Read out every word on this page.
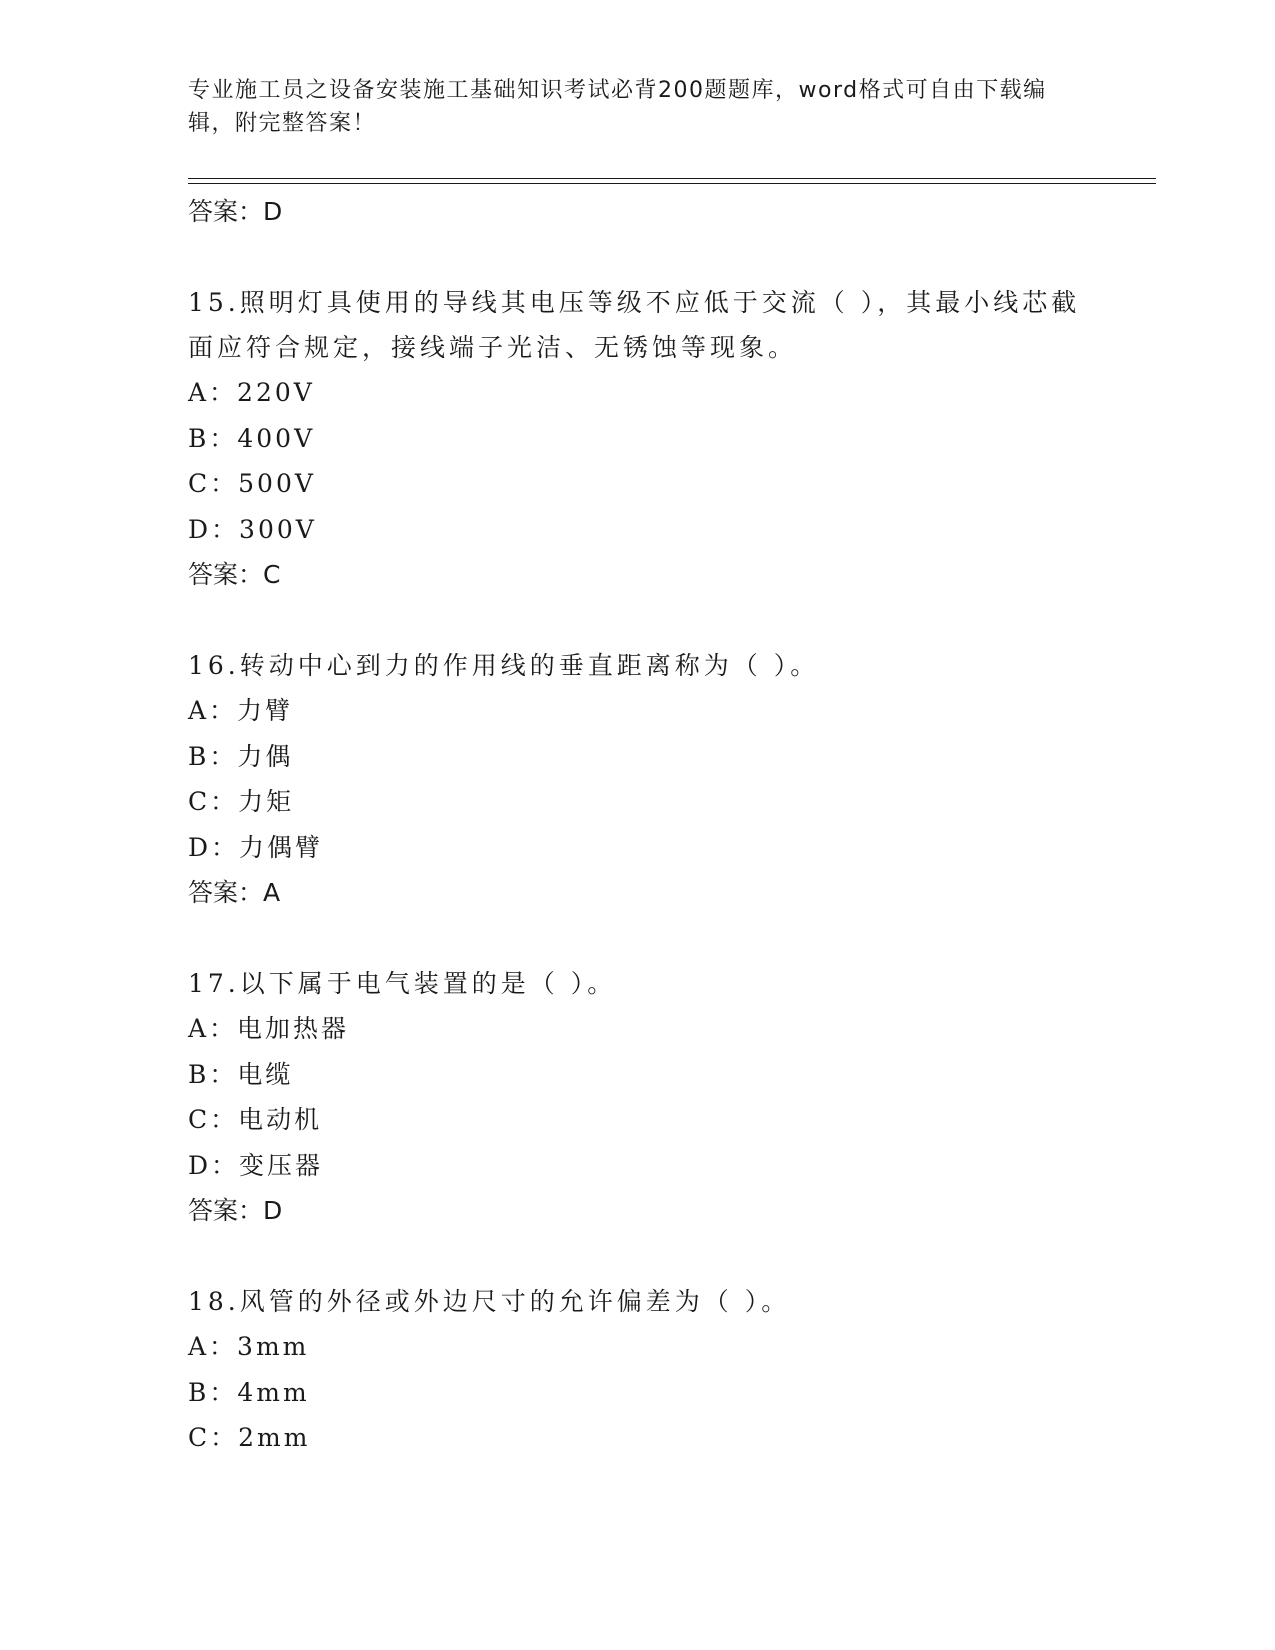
专业施工员之设备安装施工基础知识考试必背200题题库，word格式可自由下载编辑，附完整答案！

答案：D

15.照明灯具使用的导线其电压等级不应低于交流（ ），其最小线芯截面应符合规定，接线端子光洁、无锈蚀等现象。

A：220V

B：400V

C：500V

D：300V

答案：C

16.转动中心到力的作用线的垂直距离称为（ ）。

A：力臂

B：力偶

C：力矩

D：力偶臂

答案：A

17.以下属于电气装置的是（ ）。

A：电加热器

B：电缆

C：电动机

D：变压器

答案：D

18.风管的外径或外边尺寸的允许偏差为（ ）。

A：3mm

B：4mm

C：2mm
